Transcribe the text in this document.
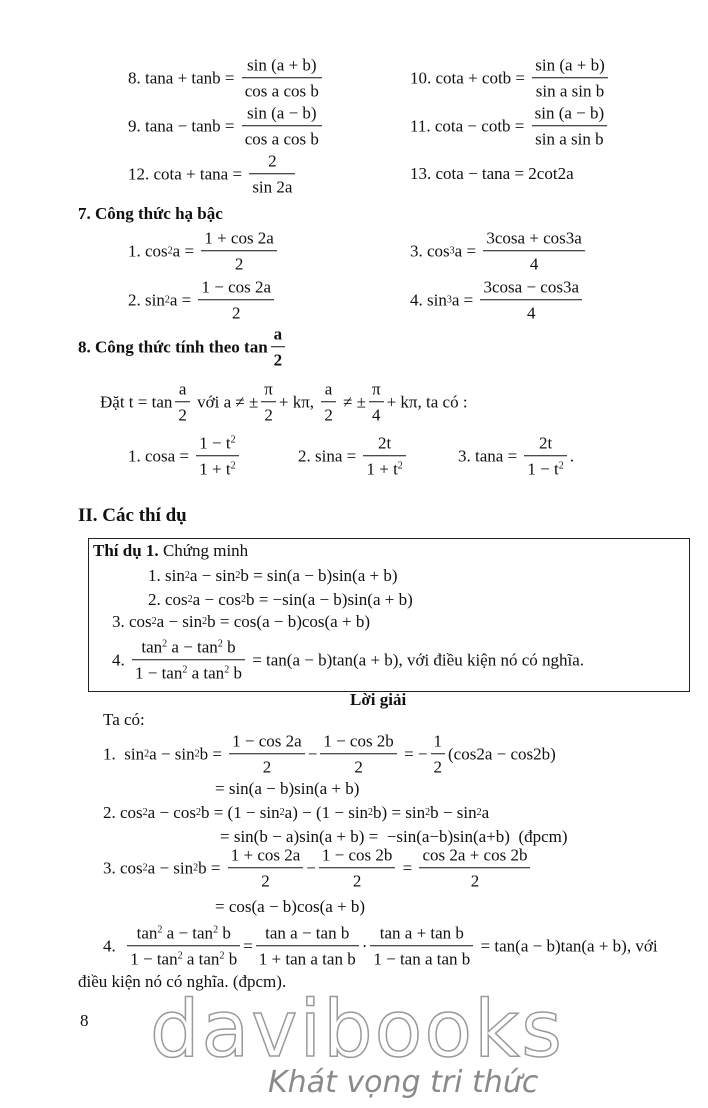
8. $\tan a + \tan b = \frac{\sin (a + b)}{\text{cos a cos b}}$	10. $\cot a + \cot b = \frac{\sin (a + b)}{\text{sin a sin b}}$
9. $\tan a - \tan b = \frac{\sin (a - b)}{\text{cos a cos b}}$	11. $\cot a - \cot b = \frac{\sin (a - b)}{\text{sin a sin b}}$
12. $\cot a + \tan a = \frac{2}{\sin 2a}$	13. cota − tana = 2cot2a
7. Công thức hạ bậc
1. cos 2 $a = \frac{1 + \cos 2a}{2}$	3. cos 3 $a = \frac{3\cos a + \cos 3a}{4}$
2. sin 2 $a = \frac{1 - \cos 2a}{2}$	4. sin 3 $a = \frac{3\cos a - \cos 3a}{4}$
8. Công thức tính theo $\tan \frac{a}{2}$
Đặt $t = \tan \frac{a}{2}$ với a ≠ ± $\frac{\pi}{2} + k\pi$, $\frac{a}{2}$ ≠ ± $\frac{\pi}{4} + k\pi$, ta có :
1. $\cos a = \frac{1 - t^2}{1 + t^2}$	2. $\sin a = \frac{2t}{1 + t^2}$	3. $\tan a = \frac{2t}{1 - t^2}$ .
II. Các thí dụ
Thí dụ 1. Chứng minh
1. sin 2 a − sin 2 b = sin(a − b)sin(a + b)
2. cos 2 a − cos 2 b = −sin(a − b)sin(a + b)
3. cos 2 a − sin 2 b = cos(a − b)cos(a + b)
4. $\frac{\tan^2 a - \tan^2 b}{1 - \tan^2 a \tan^2 b} = \tan(a - b)\tan(a + b)$, với điều kiện nó có nghĩa.
Lời giải
Ta có:
1.  sin 2 a − sin 2 $b = \frac{1 - \cos 2a}{2} - \frac{1 - \cos 2b}{2}$ = − $\frac{1}{2} (\cos 2a - \cos 2b)$
= sin(a − b)sin(a + b)
2. cos 2 a − cos 2 b = (1 − sin 2 a) − (1 − sin 2 b) = sin 2 b − sin 2 a
= sin(b − a)sin(a + b) =  −sin(a−b)sin(a+b)  (đpcm)
3. cos 2 a − sin 2 $b = \frac{1 + \cos 2a}{2} - \frac{1 - \cos 2b}{2} = \frac{\cos 2a + \cos 2b}{2}$
= cos(a − b)cos(a + b)
4. $\frac{\tan^2 a - \tan^2 b}{1 - \tan^2 a \tan^2 b} = \frac{\text{tan a − tan b}}{\text{1 + tan a tan b}} \cdot \frac{\text{tan a + tan b}}{\text{1 − tan a tan b}} = \tan(a - b)\tan(a + b)$, với
điều kiện nó có nghĩa. (đpcm).
8 davibooks
Khát vọng tri thức
